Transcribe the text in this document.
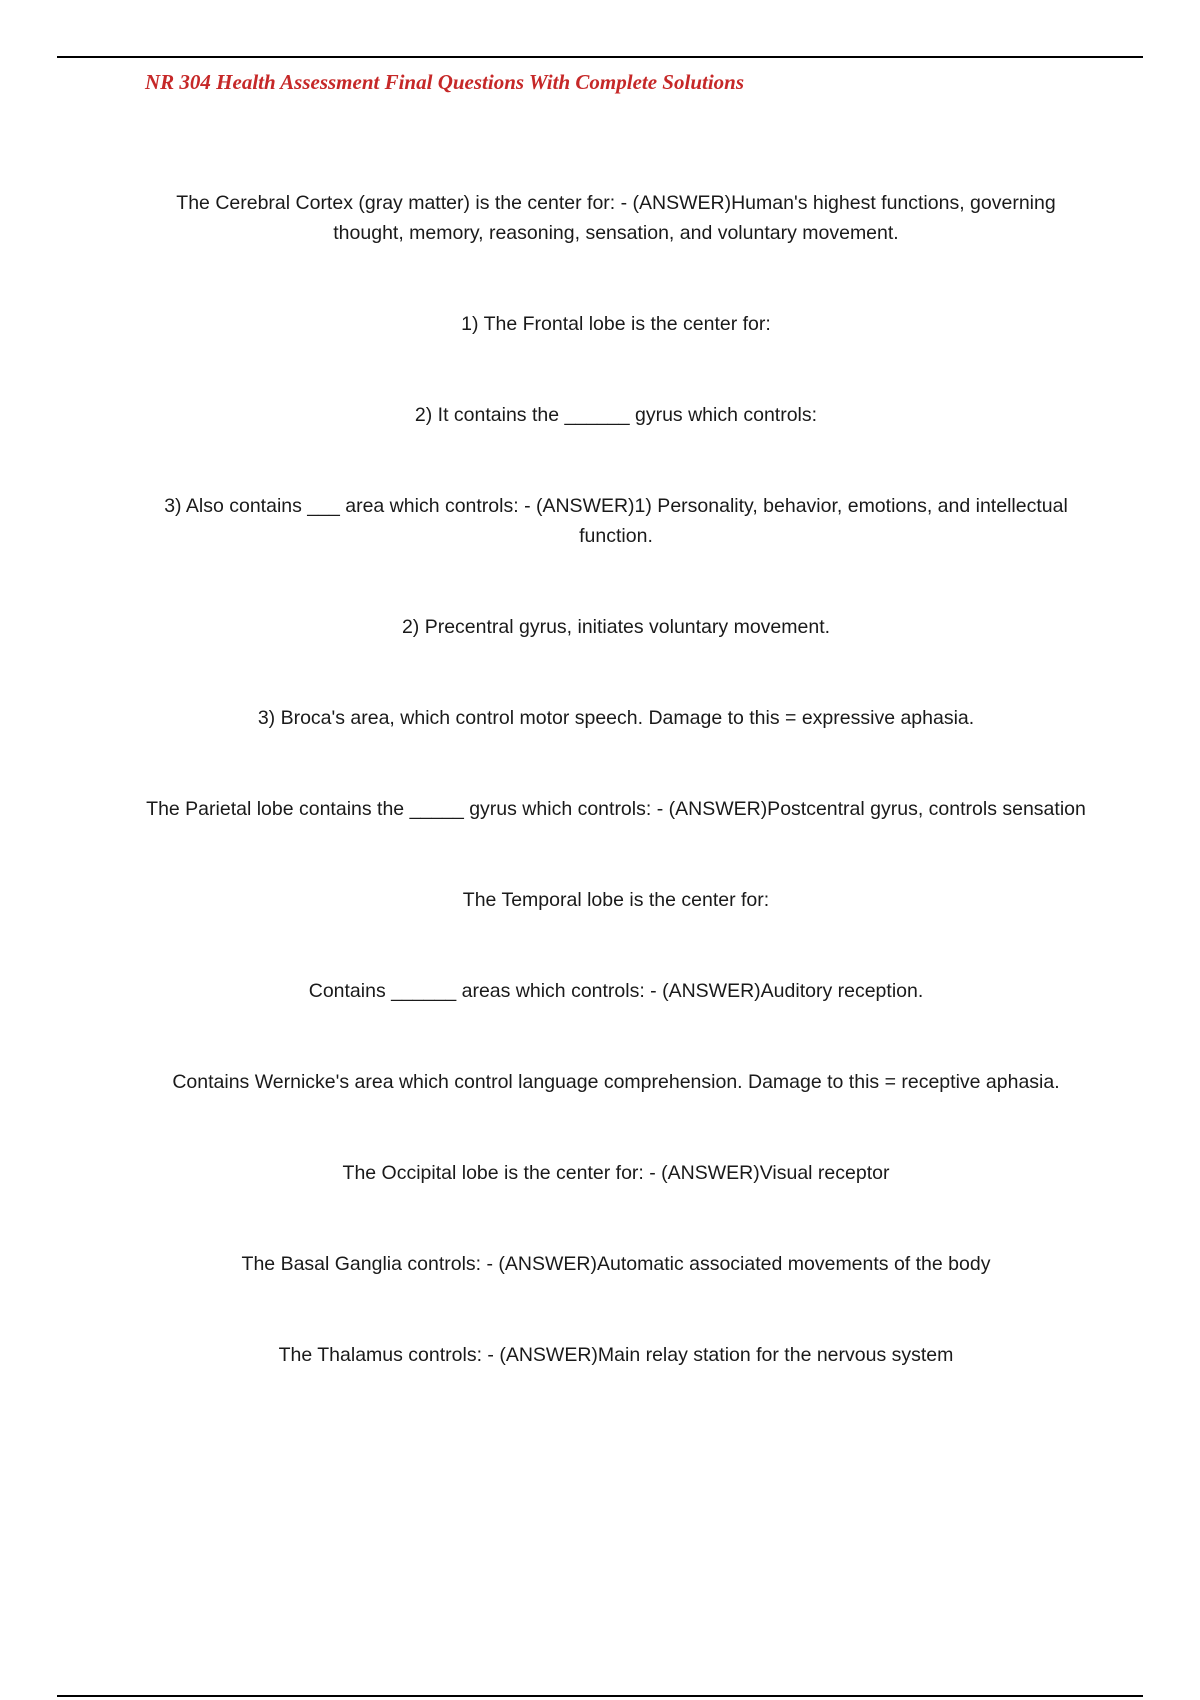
NR 304 Health Assessment Final Questions With Complete Solutions

The Cerebral Cortex (gray matter) is the center for: - (ANSWER)Human's highest functions, governing thought, memory, reasoning, sensation, and voluntary movement.

1) The Frontal lobe is the center for:

2) It contains the ______ gyrus which controls:

3) Also contains ___ area which controls: - (ANSWER)1) Personality, behavior, emotions, and intellectual function.

2) Precentral gyrus, initiates voluntary movement.

3) Broca's area, which control motor speech. Damage to this = expressive aphasia.

The Parietal lobe contains the _____ gyrus which controls: - (ANSWER)Postcentral gyrus, controls sensation

The Temporal lobe is the center for:

Contains ______ areas which controls: - (ANSWER)Auditory reception.

Contains Wernicke's area which control language comprehension. Damage to this = receptive aphasia.

The Occipital lobe is the center for: - (ANSWER)Visual receptor

The Basal Ganglia controls: - (ANSWER)Automatic associated movements of the body

The Thalamus controls: - (ANSWER)Main relay station for the nervous system
